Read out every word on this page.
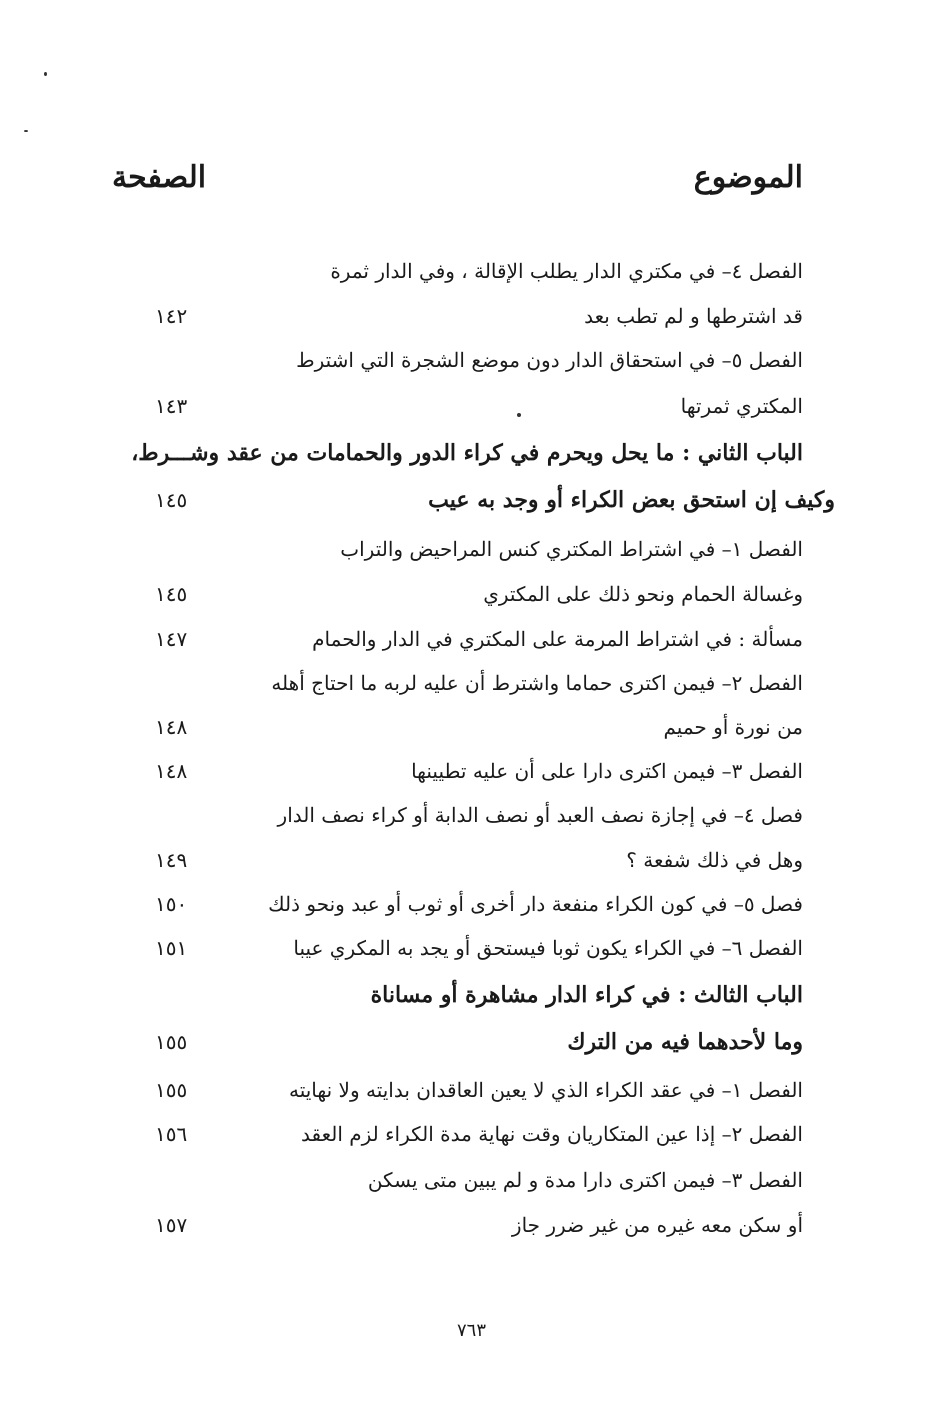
الموضوع
الصفحة
الفصل ٤– في مكتري الدار يطلب الإقالة ، وفي الدار ثمرة
قد اشترطها و لم تطب بعد
١٤٢
الفصل ٥– في استحقاق الدار دون موضع الشجرة التي اشترط
المكتري ثمرتها
١٤٣
الباب الثاني : ما يحل ويحرم في كراء الدور والحمامات من عقد وشـــرط،
وكيف إن استحق بعض الكراء أو وجد به عيب
١٤٥
الفصل ١– في اشتراط المكتري كنس المراحيض والتراب
وغسالة الحمام ونحو ذلك على المكتري
١٤٥
مسألة : في اشتراط المرمة على المكتري في الدار والحمام
١٤٧
الفصل ٢– فيمن اكترى حماما واشترط أن عليه لربه ما احتاج أهله
من نورة أو حميم
١٤٨
الفصل ٣– فيمن اكترى دارا على أن عليه تطيينها
١٤٨
فصل ٤– في إجازة نصف العبد أو نصف الدابة أو كراء نصف الدار
وهل في ذلك شفعة ؟
١٤٩
فصل ٥– في كون الكراء منفعة دار أخرى أو ثوب أو عبد ونحو ذلك
١٥٠
الفصل ٦– في الكراء يكون ثوبا فيستحق أو يجد به المكري عيبا
١٥١
الباب الثالث : في كراء الدار مشاهرة أو مساناة
وما لأحدهما فيه من الترك
١٥٥
الفصل ١– في عقد الكراء الذي لا يعين العاقدان بدايته ولا نهايته
١٥٥
الفصل ٢– إذا عين المتكاريان وقت نهاية مدة الكراء لزم العقد
١٥٦
الفصل ٣– فيمن اكترى دارا مدة و لم يبين متى يسكن
أو سكن معه غيره من غير ضرر جاز
١٥٧
٧٦٣
